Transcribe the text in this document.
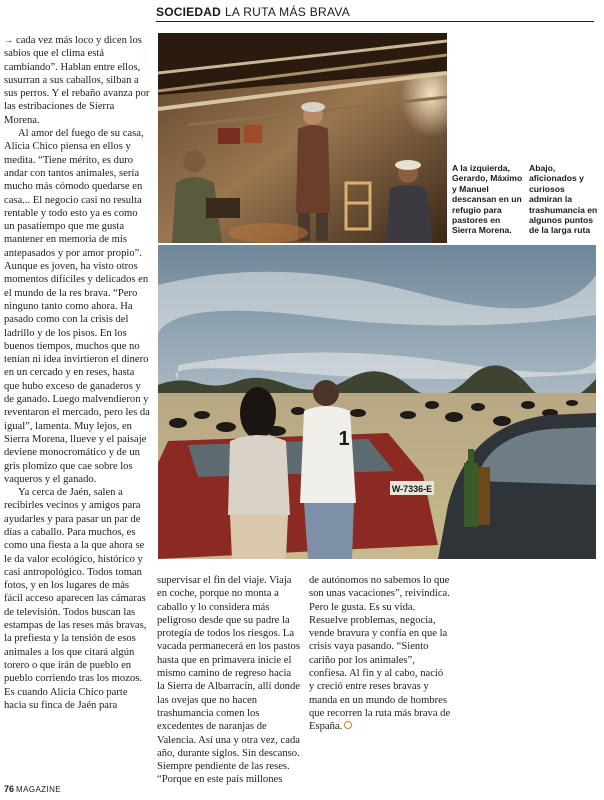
SOCIEDAD LA RUTA MÁS BRAVA

→ cada vez más loco y dicen los sabios que el clima está cambiando”. Hablan entre ellos, susurran a sus caballos, silban a sus perros. Y el rebaño avanza por las estribaciones de Sierra Morena.

Al amor del fuego de su casa, Alicia Chico piensa en ellos y medita. “Tiene mérito, es duro andar con tantos animales, sería mucho más cómodo quedarse en casa... El negocio casi no resulta rentable y todo esto ya es como un pasatiempo que me gusta mantener en memoria de mis antepasados y por amor propio”. Aunque es joven, ha visto otros momentos difíciles y delicados en el mundo de la res brava. “Pero ninguno tanto como ahora. Ha pasado como con la crisis del ladrillo y de los pisos. En los buenos tiempos, muchos que no tenían ni idea invirtieron el dinero en un cercado y en reses, hasta que hubo exceso de ganaderos y de ganado. Luego malvendieron y reventaron el mercado, pero les da igual”, lamenta. Muy lejos, en Sierra Morena, llueve y el paisaje deviene monocromático y de un gris plomizo que cae sobre los vaqueros y el ganado.

Ya cerca de Jaén, salen a recibirles vecinos y amigos para ayudarles y para pasar un par de días a caballo. Para muchos, es como una fiesta a la que ahora se le da valor ecológico, histórico y casi antropológico. Todos toman fotos, y en los lugares de más fácil acceso aparecen las cámaras de televisión. Todos buscan las estampas de las reses más bravas, la prefiesta y la tensión de esos animales a los que citará algún torero o que irán de pueblo en pueblo corriendo tras los mozos. Es cuando Alicia Chico parte hacia su finca de Jaén para

A la izquierda, Gerardo, Máximo y Manuel descansan en un refugio para pastores en Sierra Morena.
Abajo, aficionados y curiosos admiran la trashumancia en algunos puntos de la larga ruta
W-7336-E
1

supervisar el fin del viaje. Viaja en coche, porque no monta a caballo y lo considera más peligroso desde que su padre la protegía de todos los riesgos. La vacada permanecerá en los pastos hasta que en primavera inicie el mismo camino de regreso hacia la Sierra de Albarracín, allí donde las ovejas que no hacen trashumancia comen los excedentes de naranjas de Valencia. Así una y otra vez, cada año, durante siglos. Sin descanso. Siempre pendiente de las reses. “Porque en este país millones

de autónomos no sabemos lo que son unas vacaciones”, reivindica. Pero le gusta. Es su vida. Resuelve problemas, negocia, vende bravura y confía en que la crisis vaya pasando. “Siento cariño por los animales”, confiesa. Al fin y al cabo, nació y creció entre reses bravas y manda en un mundo de hombres que recorren la ruta más brava de España.

76 MAGAZINE
